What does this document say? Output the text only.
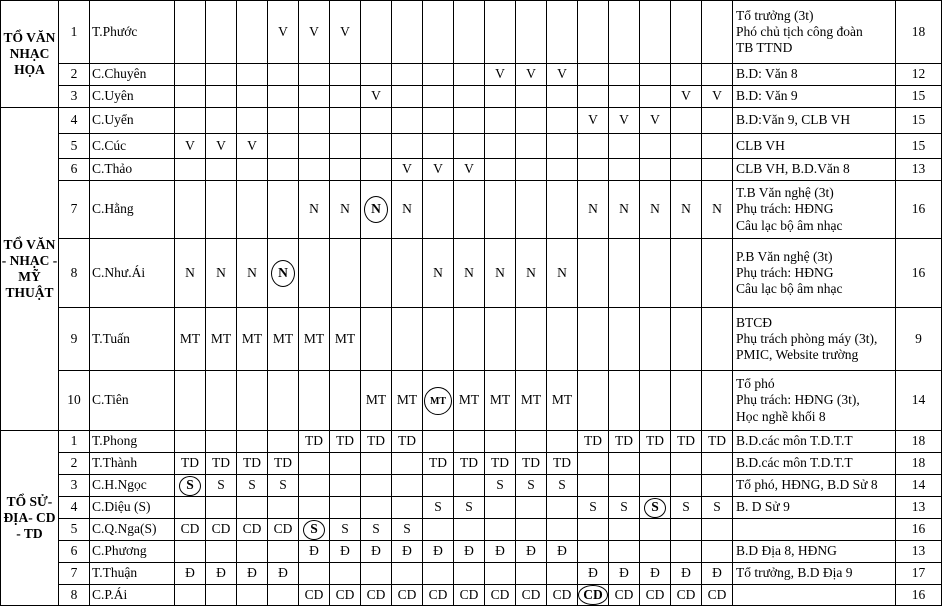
TỔ VĂN NHẠC HỌA	1	T.Phước				V	V	V													Tổ trưởng (3t)
Phó chủ tịch công đoàn
TB TTND	18
	2	C.Chuyên											V	V	V						B.D: Văn 8	12
	3	C.Uyên							V										V	V	B.D: Văn 9	15
TỔ VĂN - NHẠC - MỸ THUẬT	4	C.Uyển														V	V	V			B.D:Văn 9, CLB VH	15
	5	C.Cúc	V	V	V																CLB VH	15
	6	C.Thảo								V	V	V									CLB VH, B.D.Văn 8	13
	7	C.Hằng					N	N	N	N						N	N	N	N	N	T.B Văn nghệ (3t)
Phụ trách: HĐNG
Câu lạc bộ âm nhạc	16
	8	C.Như.Ái	N	N	N	N					N	N	N	N	N						P.B Văn nghệ (3t)
Phụ trách: HĐNG
Câu lạc bộ âm nhạc	16
	9	T.Tuấn	MT	MT	MT	MT	MT	MT													BTCĐ
Phụ trách phòng máy (3t),
PMIC, Website trường	9
	10	C.Tiên							MT	MT	MT	MT	MT	MT	MT						Tổ phó
Phụ trách: HĐNG (3t),
Học nghề khối 8	14
TỔ SỬ- ĐỊA- CD - TD	1	T.Phong					TD	TD	TD	TD						TD	TD	TD	TD	TD	B.D.các môn T.D.T.T	18
	2	T.Thành	TD	TD	TD	TD					TD	TD	TD	TD	TD						B.D.các môn T.D.T.T	18
	3	C.H.Ngọc	S	S	S	S							S	S	S						Tổ phó, HĐNG, B.D Sử 8	14
	4	C.Diệu (S)									S	S				S	S	S	S	S	B. D Sử 9	13
	5	C.Q.Nga(S)	CD	CD	CD	CD	S	S	S	S												16
	6	C.Phương					Đ	Đ	Đ	Đ	Đ	Đ	Đ	Đ	Đ						B.D Địa 8, HĐNG	13
	7	T.Thuận	Đ	Đ	Đ	Đ										Đ	Đ	Đ	Đ	Đ	Tổ trưởng, B.D Địa 9	17
	8	C.P.Ái					CD	CD	CD	CD	CD	CD	CD	CD	CD	CD	CD	CD	CD	CD		16
